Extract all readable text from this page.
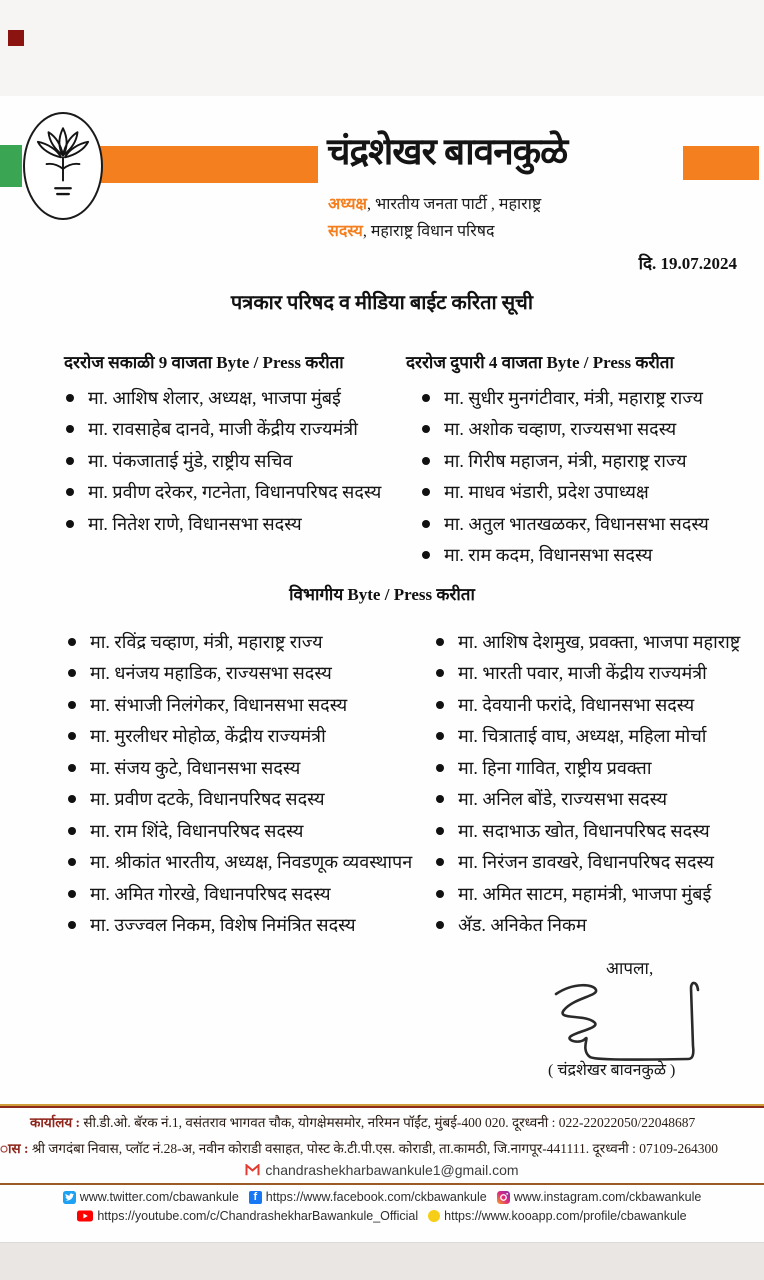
चंद्रशेखर बावनकुळे
अध्यक्ष, भारतीय जनता पार्टी , महाराष्ट्र
सदस्य, महाराष्ट्र विधान परिषद
दि. 19.07.2024
पत्रकार परिषद व मीडिया बाईट करिता सूची
दररोज सकाळी 9 वाजता Byte / Press करीता	दररोज दुपारी 4 वाजता Byte / Press करीता
मा. आशिष शेलार, अध्यक्ष, भाजपा मुंबई
मा. रावसाहेब दानवे, माजी केंद्रीय राज्यमंत्री
मा. पंकजाताई मुंडे, राष्ट्रीय सचिव
मा. प्रवीण दरेकर, गटनेता, विधानपरिषद सदस्य
मा. नितेश राणे, विधानसभा सदस्य
मा. सुधीर मुनगंटीवार, मंत्री, महाराष्ट्र राज्य
मा. अशोक चव्हाण, राज्यसभा सदस्य
मा. गिरीष महाजन, मंत्री, महाराष्ट्र राज्य
मा. माधव भंडारी, प्रदेश उपाध्यक्ष
मा. अतुल भातखळकर, विधानसभा सदस्य
मा. राम कदम, विधानसभा सदस्य
विभागीय Byte / Press करीता
मा. रविंद्र चव्हाण, मंत्री, महाराष्ट्र राज्य
मा. धनंजय महाडिक, राज्यसभा सदस्य
मा. संभाजी निलंगेकर, विधानसभा सदस्य
मा. मुरलीधर मोहोळ, केंद्रीय राज्यमंत्री
मा. संजय कुटे, विधानसभा सदस्य
मा. प्रवीण दटके, विधानपरिषद सदस्य
मा. राम शिंदे, विधानपरिषद सदस्य
मा. श्रीकांत भारतीय, अध्यक्ष, निवडणूक व्यवस्थापन
मा. अमित गोरखे, विधानपरिषद सदस्य
मा. उज्ज्वल निकम, विशेष निमंत्रित सदस्य
मा. आशिष देशमुख, प्रवक्ता, भाजपा महाराष्ट्र
मा. भारती पवार, माजी केंद्रीय राज्यमंत्री
मा. देवयानी फरांदे, विधानसभा सदस्य
मा. चित्राताई वाघ, अध्यक्ष, महिला मोर्चा
मा. हिना गावित, राष्ट्रीय प्रवक्ता
मा. अनिल बोंडे, राज्यसभा सदस्य
मा. सदाभाऊ खोत, विधानपरिषद सदस्य
मा. निरंजन डावखरे, विधानपरिषद सदस्य
मा. अमित साटम, महामंत्री, भाजपा मुंबई
ॲड. अनिकेत निकम
आपला,
( चंद्रशेखर बावनकुळे )
कार्यालय : सी.डी.ओ. बॅरक नं.1, वसंतराव भागवत चौक, योगक्षेमसमोर, नरिमन पॉईंट, मुंबई-400 020. दूरध्वनी : 022-22022050/22048687
ास : श्री जगदंबा निवास, प्लॉट नं.28-अ, नवीन कोराडी वसाहत, पोस्ट के.टी.पी.एस. कोराडी, ता.कामठी, जि.नागपूर-441111. दूरध्वनी : 07109-264300
chandrashekharbawankule1@gmail.com
www.twitter.com/cbawankule	f https://www.facebook.com/ckbawankule www.instagram.com/ckbawankule
https://youtube.com/c/ChandrashekharBawankule_Official https://www.kooapp.com/profile/cbawankule
